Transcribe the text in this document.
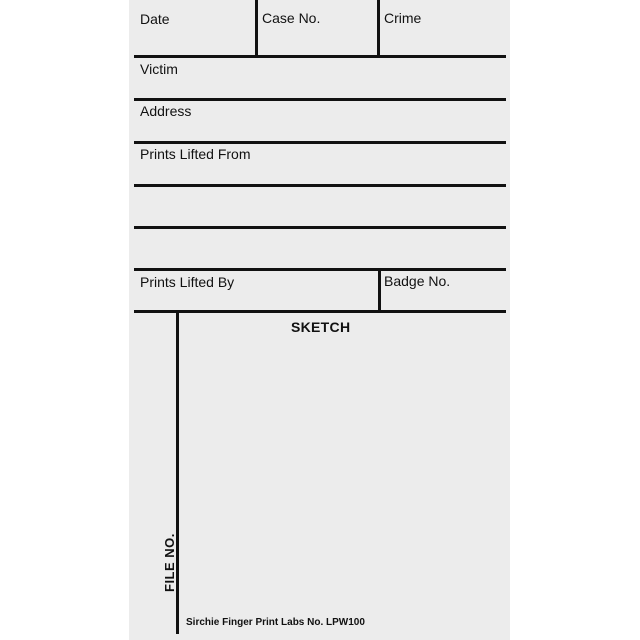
Date	Case No.	Crime
Victim
Address
Prints Lifted From
Prints Lifted By	Badge No.
SKETCH
FILE NO.
Sirchie Finger Print Labs No. LPW100
